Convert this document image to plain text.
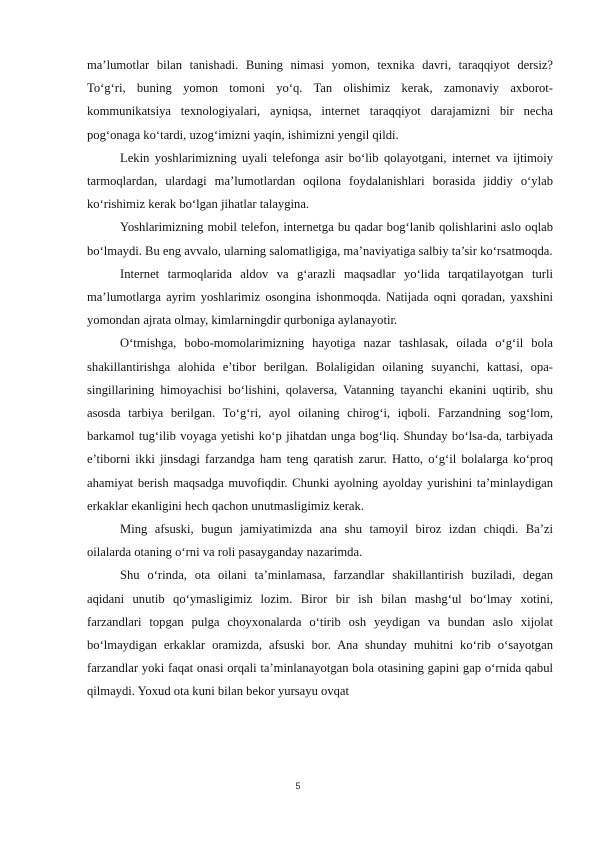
ma’lumotlar bilan tanishadi. Buning nimasi yomon, texnika davri, taraqqiyot dersiz? To‘g‘ri, buning yomon tomoni yo‘q. Tan olishimiz kerak, zamonaviy axborot-kommunikatsiya texnologiyalari, ayniqsa, internet taraqqiyot darajamizni bir necha pog‘onaga ko‘tardi, uzog‘imizni yaqin, ishimizni yengil qildi.

Lekin yoshlarimizning uyali telefonga asir bo‘lib qolayotgani, internet va ijtimoiy tarmoqlardan, ulardagi ma’lumotlardan oqilona foydalanishlari borasida jiddiy o‘ylab ko‘rishimiz kerak bo‘lgan jihatlar talaygina.

Yoshlarimizning mobil telefon, internetga bu qadar bog‘lanib qolishlarini aslo oqlab bo‘lmaydi. Bu eng avvalo, ularning salomatligiga, ma’naviyatiga salbiy ta’sir ko‘rsatmoqda.

Internet tarmoqlarida aldov va g‘arazli maqsadlar yo‘lida tarqatilayotgan turli ma’lumotlarga ayrim yoshlarimiz osongina ishonmoqda. Natijada oqni qoradan, yaxshini yomondan ajrata olmay, kimlarningdir qurboniga aylanayotir.

O‘tmishga, bobo-momolarimizning hayotiga nazar tashlasak, oilada o‘g‘il bola shakillantirishga alohida e’tibor berilgan. Bolaligidan oilaning suyanchi, kattasi, opa-singillarining himoyachisi bo‘lishini, qolaversa, Vatanning tayanchi ekanini uqtirib, shu asosda tarbiya berilgan. To‘g‘ri, ayol oilaning chirog‘i, iqboli. Farzandning sog‘lom, barkamol tug‘ilib voyaga yetishi ko‘p jihatdan unga bog‘liq. Shunday bo‘lsa-da, tarbiyada e’tiborni ikki jinsdagi farzandga ham teng qaratish zarur. Hatto, o‘g‘il bolalarga ko‘proq ahamiyat berish maqsadga muvofiqdir. Chunki ayolning ayolday yurishini ta’minlaydigan erkaklar ekanligini hech qachon unutmasligimiz kerak.

Ming afsuski, bugun jamiyatimizda ana shu tamoyil biroz izdan chiqdi. Ba’zi oilalarda otaning o‘rni va roli pasayganday nazarimda.

Shu o‘rinda, ota oilani ta’minlamasa, farzandlar shakillantirish buziladi, degan aqidani unutib qo‘ymasligimiz lozim. Biror bir ish bilan mashg‘ul bo‘lmay xotini, farzandlari topgan pulga choyxonalarda o‘tirib osh yeydigan va bundan aslo xijolat bo‘lmaydigan erkaklar oramizda, afsuski bor. Ana shunday muhitni ko‘rib o‘sayotgan farzandlar yoki faqat onasi orqali ta’minlanayotgan bola otasining gapini gap o‘rnida qabul qilmaydi. Yoxud ota kuni bilan bekor yursayu ovqat

5
